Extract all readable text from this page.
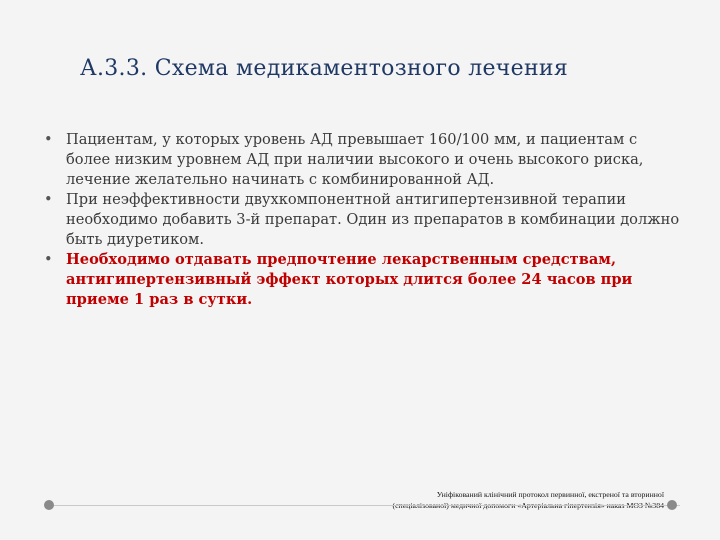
А.3.3. Схема медикаментозного лечения
• Пациентам, у которых уровень АД превышает 160/100 мм, и пациентам с более низким уровнем АД при наличии высокого и очень высокого риска, лечение желательно начинать с комбинированной АД.
• При неэффективности двухкомпонентной антигипертензивной терапии необходимо добавить 3-й препарат. Один из препаратов в комбинации должно быть диуретиком.
• Необходимо отдавать предпочтение лекарственным средствам, антигипертензивный эффект которых длится более 24 часов при приеме 1 раз в сутки.
Уніфікований клінічний протокол первинної, екстреної та вторинної
